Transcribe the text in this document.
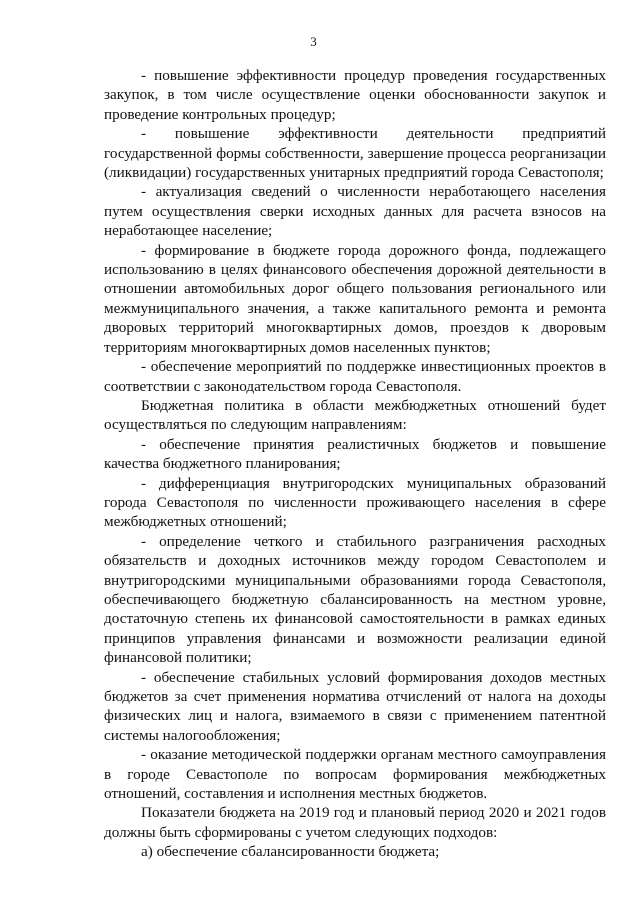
3

- повышение эффективности процедур проведения государственных закупок, в том числе осуществление оценки обоснованности закупок и проведение контрольных процедур;

- повышение эффективности деятельности предприятий государственной формы собственности, завершение процесса реорганизации (ликвидации) государственных унитарных предприятий города Севастополя;

- актуализация сведений о численности неработающего населения путем осуществления сверки исходных данных для расчета взносов на неработающее население;

- формирование в бюджете города дорожного фонда, подлежащего использованию в целях финансового обеспечения дорожной деятельности в отношении автомобильных дорог общего пользования регионального или межмуниципального значения, а также капитального ремонта и ремонта дворовых территорий многоквартирных домов, проездов к дворовым территориям многоквартирных домов населенных пунктов;

- обеспечение мероприятий по поддержке инвестиционных проектов в соответствии с законодательством города Севастополя.

Бюджетная политика в области межбюджетных отношений будет осуществляться по следующим направлениям:

- обеспечение принятия реалистичных бюджетов и повышение качества бюджетного планирования;

- дифференциация внутригородских муниципальных образований города Севастополя по численности проживающего населения в сфере межбюджетных отношений;

- определение четкого и стабильного разграничения расходных обязательств и доходных источников между городом Севастополем и внутригородскими муниципальными образованиями города Севастополя, обеспечивающего бюджетную сбалансированность на местном уровне, достаточную степень их финансовой самостоятельности в рамках единых принципов управления финансами и возможности реализации единой финансовой политики;

- обеспечение стабильных условий формирования доходов местных бюджетов за счет применения норматива отчислений от налога на доходы физических лиц и налога, взимаемого в связи с применением патентной системы налогообложения;

- оказание методической поддержки органам местного самоуправления в городе Севастополе по вопросам формирования межбюджетных отношений, составления и исполнения местных бюджетов.

Показатели бюджета на 2019 год и плановый период 2020 и 2021 годов должны быть сформированы с учетом следующих подходов:

а) обеспечение сбалансированности бюджета;
